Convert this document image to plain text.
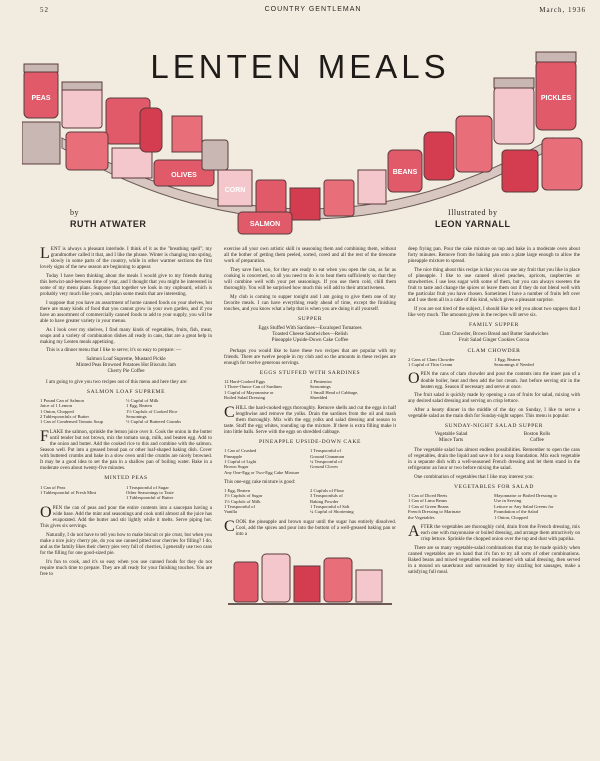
52	COUNTRY GENTLEMAN	March, 1936
PEAS
OLIVES
CORN
SALMON
BEANS
PICKLES
LENTEN MEALS
by
RUTH ATWATER
Illustrated by
LEON YARNALL

LENT is always a pleasant interlude. I think of it as the "breathing spell"; my grandmother called it that, and I like the phrase. Winter is changing into spring, slowly in some parts of the country, while in other warmer sections the first lovely signs of the new season are beginning to appear.

Today I have been thinking about the meals I would give to my friends during this betwixt-and-between time of year, and I thought that you might be interested in some of my menu plans. Suppose that together we look in my cupboard, which is probably very much like yours, and plan some meals that are interesting.

I suppose that you have an assortment of home canned foods on your shelves, but there are many kinds of food that you cannot grow in your own garden, and if you have an assortment of commercially canned foods to add to your supply, you will be able to have greater variety in your menus.

As I look over my shelves, I find many kinds of vegetables, fruits, fish, meat, soups and a variety of combination dishes all ready in cans, that are a great help in making my Lenten meals appetizing.

This is a dinner menu that I like to serve; it's so easy to prepare: —

Salmon Loaf Supreme, Mustard Pickle
Minted Peas Browned Potatoes Hot Biscuits Jam
Cherry Pie Coffee

I am going to give you two recipes out of this menu and here they are:

SALMON LOAF SUPREME
1 Pound Can of Salmon
Juice of 1 Lemon
1 Onion, Chopped
2 Tablespoonfuls of Butter
1 Can of Condensed Tomato Soup
½ Cupful of Milk
1 Egg, Beaten
1½ Cupfuls of Cooked Rice
Seasonings
½ Cupful of Buttered Crumbs

FLAKE the salmon, sprinkle the lemon juice over it. Cook the onion in the butter until tender but not brown, mix the tomato soup, milk, and beaten egg. Add to the onion and butter. Add the cooked rice to this and combine with the salmon. Season well. Put into a greased bread pan or other loaf-shaped baking dish. Cover with buttered crumbs and bake in a slow oven until the crumbs are nicely browned. It may be a good idea to set the pan in a shallow pan of boiling water. Bake in a moderate oven about twenty-five minutes.

MINTED PEAS
1 Can of Peas
1 Tablespoonful of Fresh Mint
1 Teaspoonful of Sugar
Other Seasonings to Taste
1 Tablespoonful of Butter

OPEN the can of peas and pour the entire contents into a saucepan having a wide base. Add the mint and seasonings and cook until almost all the juice has evaporated. Add the butter and stir lightly while it melts. Serve piping hot. This gives six servings.

Naturally, I do not have to tell you how to make biscuit or pie crust, but when you make a nice juicy cherry pie, do you use canned pitted sour cherries for filling? I do, and as the family likes their cherry pies very full of cherries, I generally use two cans for the filling for one good-sized pie.

It's fun to cook, and it's so easy when you use canned foods for they do not require much time to prepare. They are all ready for your finishing touches. You are free to

exercise all your own artistic skill in seasoning them and combining them, without all the bother of getting them peeled, sorted, cored and all the rest of the tiresome work of preparation.

They save fuel, too, for they are ready to eat when you open the can, as far as cooking is concerned, so all you need to do is to heat them sufficiently so that they will combine well with your pet seasonings. If you use them cold, chill them thoroughly. You will be surprised how much this will add to their attractiveness.

My club is coming to supper tonight and I am going to give them one of my favorite meals. I can have everything ready ahead of time, except the finishing touches, and you know what a help that is when you are doing it all yourself.

SUPPER
Eggs Stuffed With Sardines—Escaloped Tomatoes
Toasted Cheese Sandwiches—Relish
Pineapple Upside-Down Cake Coffee

Perhaps you would like to have these two recipes that are popular with my friends. There are twelve people in my club and so the amounts in these recipes are enough for twelve generous servings.

EGGS STUFFED WITH SARDINES
12 Hard-Cooked Eggs
1 Three-Ounce Can of Sardines
1 Cupful of Mayonnaise or
Boiled Salad Dressing
2 Pimientos
Seasonings
1 Small Head of Cabbage,
Shredded

CHILL the hard-cooked eggs thoroughly. Remove shells and cut the eggs in half lengthwise and remove the yolks. Drain the sardines from the oil and mash them thoroughly. Mix with the egg yolks and salad dressing and season to taste. Stuff the egg whites, rounding up the mixture. If there is extra filling make it into little balls. Serve with the eggs on shredded cabbage.

PINEAPPLE UPSIDE-DOWN CAKE
1 Can of Crushed
Pineapple
1 Cupful of Light
Brown Sugar
Any One-Egg or Two-Egg Cake Mixture
1 Teaspoonful of
Ground Cinnamon
¼ Teaspoonful of
Ground Cloves

This one-egg cake mixture is good:

1 Egg, Beaten
1½ Cupfuls of Sugar
1½ Cupfuls of Milk
1 Teaspoonful of
Vanilla
2 Cupfuls of Flour
3 Teaspoonfuls of
Baking Powder
1 Teaspoonful of Salt
¼ Cupful of Shortening

COOK the pineapple and brown sugar until the sugar has entirely dissolved. Cool, add the spices and pour into the bottom of a well-greased baking pan or into a

deep frying pan. Pour the cake mixture on top and bake in a moderate oven about forty minutes. Remove from the baking pan onto a plate large enough to allow the pineapple mixture to spread.

The nice thing about this recipe is that you can use any fruit that you like in place of pineapple. I like to use canned sliced peaches, apricots, raspberries or strawberries. I use less sugar with some of them, but you can always sweeten the fruit to taste and change the spices or leave them out if they do not blend well with the particular fruit you have chosen. Sometimes I have a number of fruits left over and I use them all in a cake of this kind, which gives a pleasant surprise.

If you are not tired of the subject, I should like to tell you about two suppers that I like very much. The amounts given in the recipes will serve six.

FAMILY SUPPER
Clam Chowder, Brown Bread and Butter Sandwiches
Fruit Salad Ginger Cookies Cocoa
CLAM CHOWDER
2 Cans of Clam Chowder
1 Cupful of Thin Cream
1 Egg, Beaten
Seasonings if Needed

OPEN the cans of clam chowder and pour the contents into the inner pan of a double boiler, heat and then add the hot cream. Just before serving stir in the beaten egg. Season if necessary and serve at once.

The fruit salad is quickly made by opening a can of fruits for salad, mixing with any desired salad dressing and serving on crisp lettuce.

After a hearty dinner in the middle of the day on Sunday, I like to serve a vegetable salad as the main dish for Sunday-night supper. This menu is popular:

SUNDAY-NIGHT SALAD SUPPER
Vegetable Salad
Mince Tarts
Boston Rolls
Coffee

The vegetable salad has almost endless possibilities. Remember to open the cans of vegetables, drain the liquid and save it for a soup foundation. Mix each vegetable in a separate dish with a well-seasoned French dressing and let them stand in the refrigerator an hour or two before mixing the salad.

One combination of vegetables that I like may interest you:

VEGETABLES FOR SALAD
1 Can of Diced Beets
1 Can of Lima Beans
1 Can of Green Beans
French Dressing to Marinate
the Vegetables
Mayonnaise or Boiled Dressing to
Use in Serving
Lettuce or Any Salad Greens for
Foundation of the Salad
1 Onion, Chopped

AFTER the vegetables are thoroughly cold, drain from the French dressing, mix each one with mayonnaise or boiled dressing, and arrange them attractively on crisp lettuce. Sprinkle the chopped onion over the top and dust with paprika.

There are so many vegetable-salad combinations that may be made quickly when canned vegetables are on hand that it's fun to try all sorts of other combinations. Baked beans and mixed vegetables well moistened with salad dressing, then served in a mound on sauerkraut and surrounded by tiny sizzling hot sausages, make a satisfying full meal.
